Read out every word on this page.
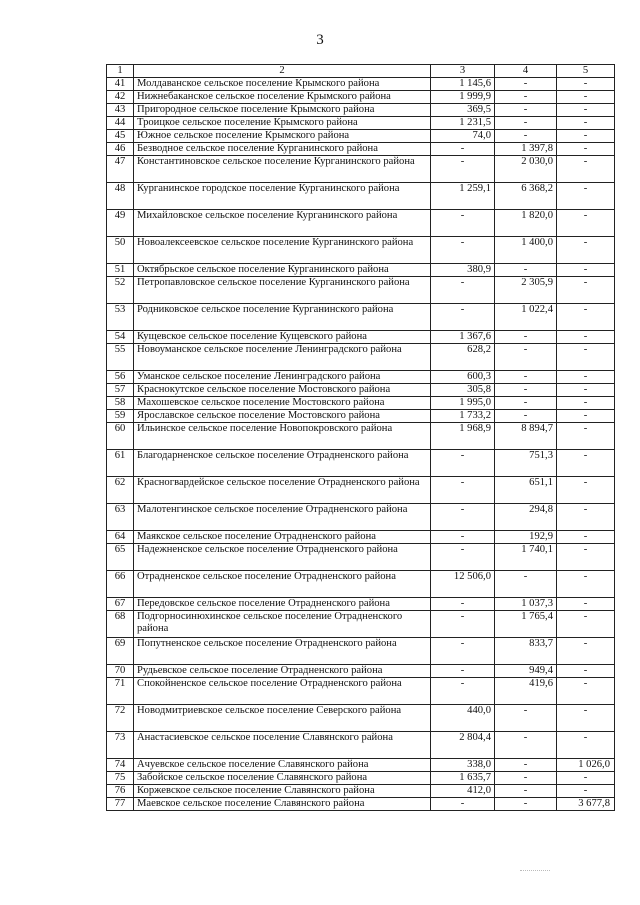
3
1	2	3	4	5
41	Молдаванское сельское поселение Крымского района	1 145,6	-	-
42	Нижнебаканское сельское поселение Крымского района	1 999,9	-	-
43	Пригородное сельское поселение Крымского района	369,5	-	-
44	Троицкое сельское поселение Крымского района	1 231,5	-	-
45	Южное сельское поселение Крымского района	74,0	-	-
46	Безводное сельское поселение Курганинского района	-	1 397,8	-
47	Константиновское сельское поселение Курганинского района	-	2 030,0	-
48	Курганинское городское поселение Курганинского района	1 259,1	6 368,2	-
49	Михайловское сельское поселение Курганинского района	-	1 820,0	-
50	Новоалексеевское сельское поселение Курганинского района	-	1 400,0	-
51	Октябрьское сельское поселение Курганинского района	380,9	-	-
52	Петропавловское сельское поселение Курганинского района	-	2 305,9	-
53	Родниковское сельское поселение Курганинского района	-	1 022,4	-
54	Кущевское сельское поселение Кущевского района	1 367,6	-	-
55	Новоуманское сельское поселение Ленинградского района	628,2	-	-
56	Уманское сельское поселение Ленинградского района	600,3	-	-
57	Краснокутское сельское поселение Мостовского района	305,8	-	-
58	Махошевское сельское поселение Мостовского района	1 995,0	-	-
59	Ярославское сельское поселение Мостовского района	1 733,2	-	-
60	Ильинское сельское поселение Новопокровского района	1 968,9	8 894,7	-
61	Благодарненское сельское поселение Отрадненского района	-	751,3	-
62	Красногвардейское сельское поселение Отрадненского района	-	651,1	-
63	Малотенгинское сельское поселение Отрадненского района	-	294,8	-
64	Маякское сельское поселение Отрадненского района	-	192,9	-
65	Надежненское сельское поселение Отрадненского района	-	1 740,1	-
66	Отрадненское сельское поселение Отрадненского района	12 506,0	-	-
67	Передовское сельское поселение Отрадненского района	-	1 037,3	-
68	Подгорносинюхинское сельское поселение Отрадненского района	-	1 765,4	-
69	Попутненское сельское поселение Отрадненского района	-	833,7	-
70	Рудьевское сельское поселение Отрадненского района	-	949,4	-
71	Спокойненское сельское поселение Отрадненского района	-	419,6	-
72	Новодмитриевское сельское поселение Северского района	440,0	-	-
73	Анастасиевское сельское поселение Славянского района	2 804,4	-	-
74	Ачуевское сельское поселение Славянского района	338,0	-	1 026,0
75	Забойское сельское поселение Славянского района	1 635,7	-	-
76	Коржевское сельское поселение Славянского района	412,0	-	-
77	Маевское сельское поселение Славянского района	-	-	3 677,8
